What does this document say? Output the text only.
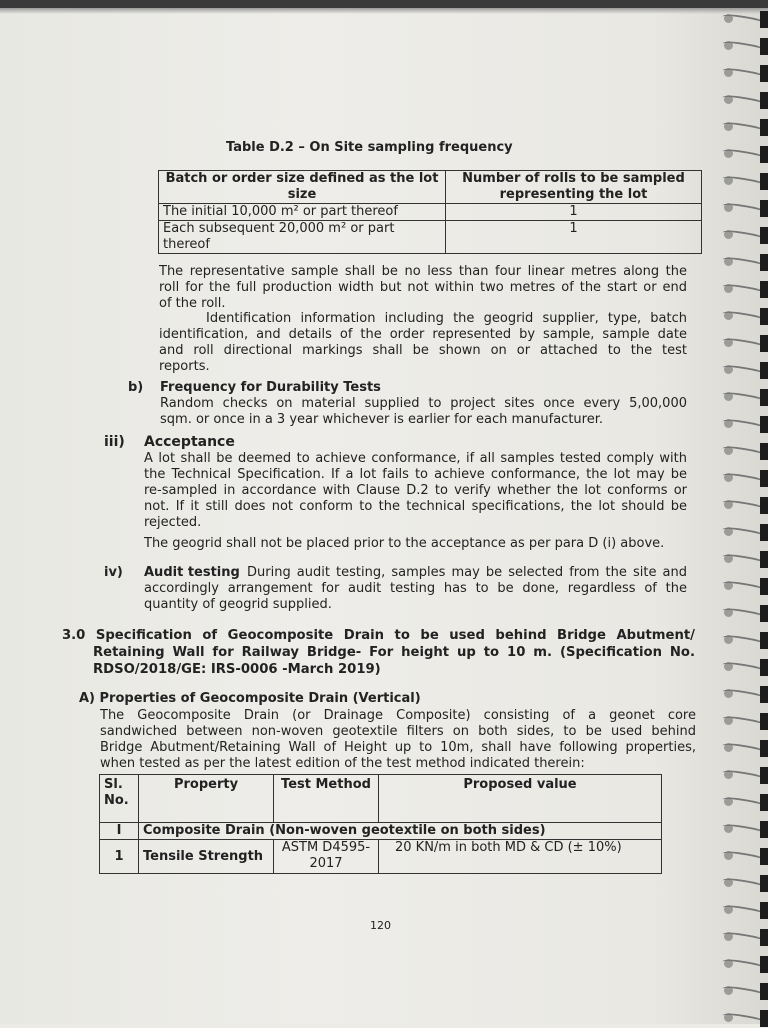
Table D.2 – On Site sampling frequency
Batch or order size defined as the lot size	Number of rolls to be sampled representing the lot
The initial 10,000 m² or part thereof	1
Each subsequent 20,000 m² or part thereof	1
The representative sample shall be no less than four linear metres along the
roll for the full production width but not within two metres of the start or end
of the roll.
Identification information including the geogrid supplier, type, batch
identification, and details of the order represented by sample, sample date
and roll directional markings shall be shown on or attached to the test
reports.
b) Frequency for Durability Tests
Random checks on material supplied to project sites once every 5,00,000
sqm. or once in a 3 year whichever is earlier for each manufacturer.
iii) Acceptance
A lot shall be deemed to achieve conformance, if all samples tested comply with
the Technical Specification. If a lot fails to achieve conformance, the lot may be
re-sampled in accordance with Clause D.2 to verify whether the lot conforms or
not. If it still does not conform to the technical specifications, the lot should be
rejected.
The geogrid shall not be placed prior to the acceptance as per para D (i) above.
iv) Audit testing During audit testing, samples may be selected from the site and
accordingly arrangement for audit testing has to be done, regardless of the
quantity of geogrid supplied.
3.0 Specification of Geocomposite Drain to be used behind Bridge Abutment/
Retaining Wall for Railway Bridge- For height up to 10 m. (Specification No.
RDSO/2018/GE: IRS-0006 -March 2019)
A) Properties of Geocomposite Drain (Vertical)
The Geocomposite Drain (or Drainage Composite) consisting of a geonet core
sandwiched between non-woven geotextile filters on both sides, to be used behind
Bridge Abutment/Retaining Wall of Height up to 10m, shall have following properties,
when tested as per the latest edition of the test method indicated therein:
Sl. No.	Property	Test Method	Proposed value
I	Composite Drain (Non-woven geotextile on both sides)		
1	Tensile Strength	ASTM D4595-2017	20 KN/m in both MD & CD (± 10%)
120
